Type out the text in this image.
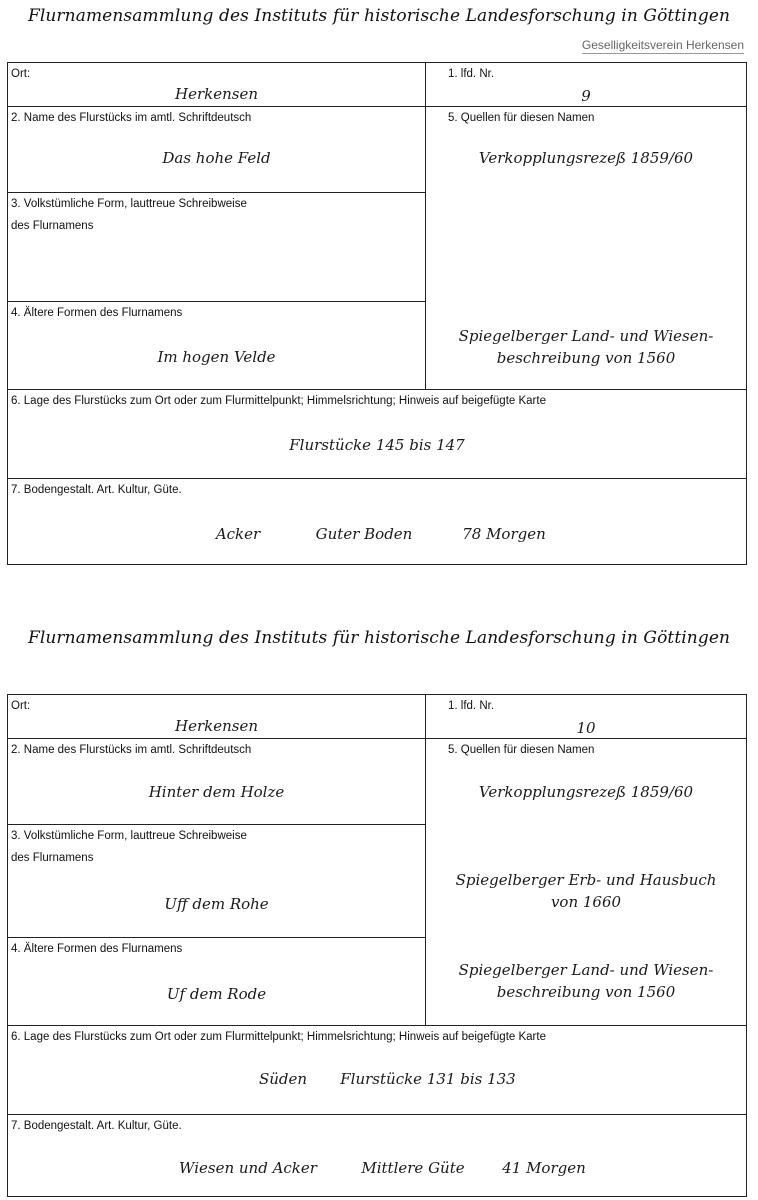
Flurnamensammlung des Instituts für historische Landesforschung in Göttingen
Geselligkeitsverein Herkensen
Ort:
Herkensen
1. lfd. Nr.
9
2. Name des Flurstücks im amtl. Schriftdeutsch
Das hohe Feld
5. Quellen für diesen Namen
Verkopplungsrezeß 1859/60
Spiegelberger Land- und Wiesen-
beschreibung von 1560
3. Volkstümliche Form, lauttreue Schreibweise
des Flurnamens
4. Ältere Formen des Flurnamens
Im hogen Velde
6. Lage des Flurstücks zum Ort oder zum Flurmittelpunkt; Himmelsrichtung; Hinweis auf beigefügte Karte
Flurstücke 145 bis 147
7. Bodengestalt. Art. Kultur, Güte.
Acker	Guter Boden	78 Morgen
Flurnamensammlung des Instituts für historische Landesforschung in Göttingen
Ort:
Herkensen
1. lfd. Nr.
10
2. Name des Flurstücks im amtl. Schriftdeutsch
Hinter dem Holze
5. Quellen für diesen Namen
Verkopplungsrezeß 1859/60
Spiegelberger Erb- und Hausbuch
von 1660
Spiegelberger Land- und Wiesen-
beschreibung von 1560
3. Volkstümliche Form, lauttreue Schreibweise
des Flurnamens
Uff dem Rohe
4. Ältere Formen des Flurnamens
Uf dem Rode
6. Lage des Flurstücks zum Ort oder zum Flurmittelpunkt; Himmelsrichtung; Hinweis auf beigefügte Karte
Süden	Flurstücke 131 bis 133
7. Bodengestalt. Art. Kultur, Güte.
Wiesen und Acker	Mittlere Güte	41 Morgen
